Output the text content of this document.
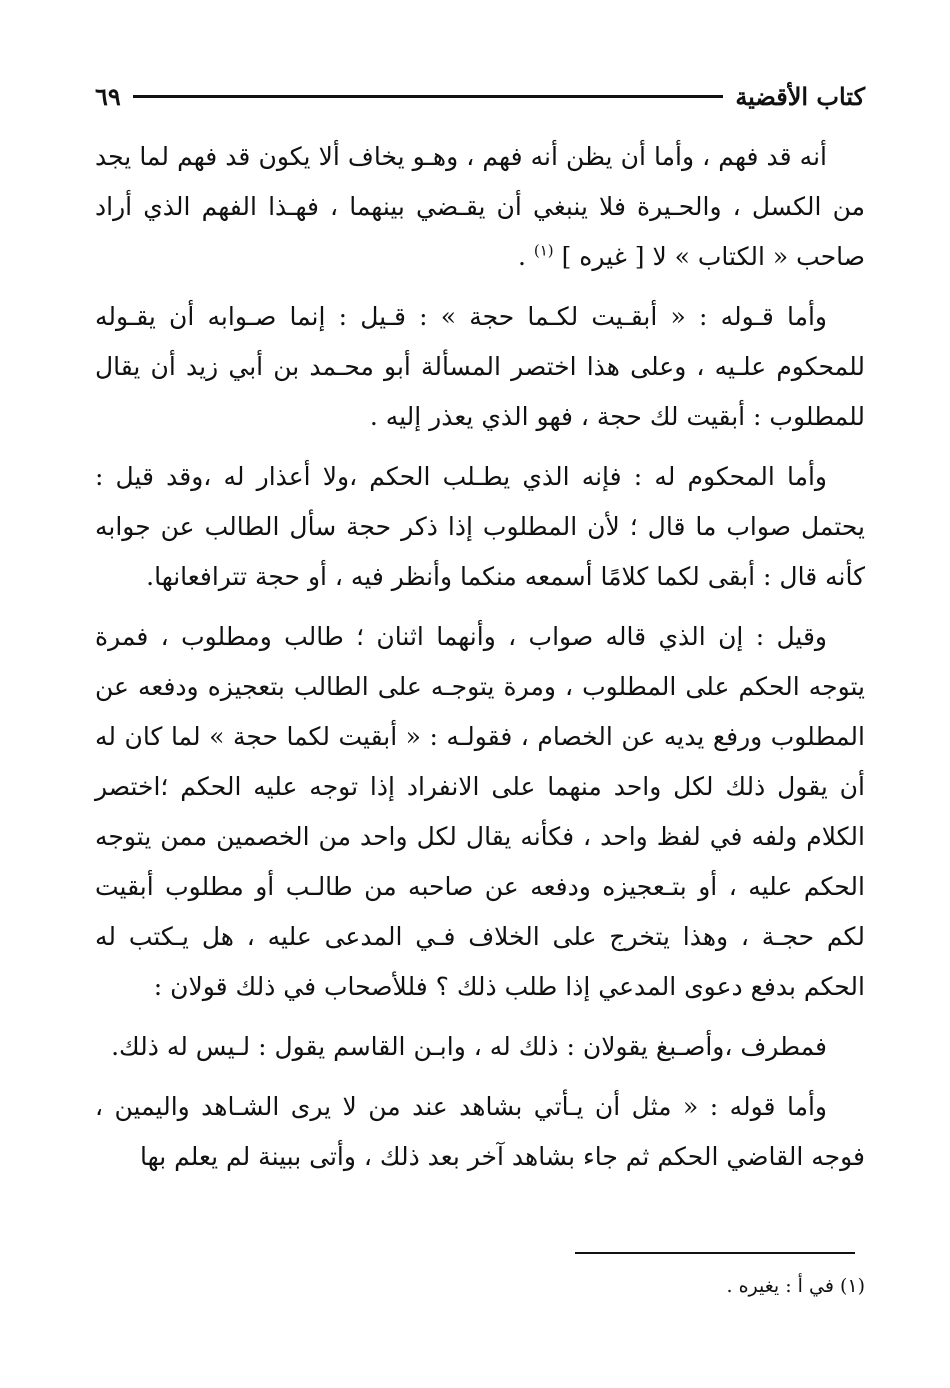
كتاب الأقضية
٦٩

أنه قد فهم ، وأما أن يظن أنه فهم ، وهـو يخاف ألا يكون قد فهم لما يجد من الكسل ، والحـيرة فلا ينبغي أن يقـضي بينهما ، فهـذا الفهم الذي أراد صاحب « الكتاب » لا [ غيره ] $^{(١)}$ .

وأما قـوله : « أبقـيت لكـما حجة » : قـيل : إنما صـوابه أن يقـوله للمحكوم علـيه ، وعلى هذا اختصر المسألة أبو محـمد بن أبي زيد أن يقال للمطلوب : أبقيت لك حجة ، فهو الذي يعذر إليه .

وأما المحكوم له : فإنه الذي يطـلب الحكم ،ولا أعذار له ،وقد قيل : يحتمل صواب ما قال ؛ لأن المطلوب إذا ذكر حجة سأل الطالب عن جوابه كأنه قال : أبقى لكما كلامًا أسمعه منكما وأنظر فيه ، أو حجة تترافعانها.

وقيل : إن الذي قاله صواب ، وأنهما اثنان ؛ طالب ومطلوب ، فمرة يتوجه الحكم على المطلوب ، ومرة يتوجـه على الطالب بتعجيزه ودفعه عن المطلوب ورفع يديه عن الخصام ، فقولـه : « أبقيت لكما حجة » لما كان له أن يقول ذلك لكل واحد منهما على الانفراد إذا توجه عليه الحكم ؛اختصر الكلام ولفه في لفظ واحد ، فكأنه يقال لكل واحد من الخصمين ممن يتوجه الحكم عليه ، أو بتـعجيزه ودفعه عن صاحبه من طالـب أو مطلوب أبقيت لكم حجـة ، وهذا يتخرج على الخلاف فـي المدعى عليه ، هل يـكتب له الحكم بدفع دعوى المدعي إذا طلب ذلك ؟ فللأصحاب في ذلك قولان :

فمطرف ،وأصـبغ يقولان : ذلك له ، وابـن القاسم يقول : لـيس له ذلك.

وأما قوله : « مثل أن يـأتي بشاهد عند من لا يرى الشـاهد واليمين ، فوجه القاضي الحكم ثم جاء بشاهد آخر بعد ذلك ، وأتى ببينة لم يعلم بها

(١) في أ : يغيره .
